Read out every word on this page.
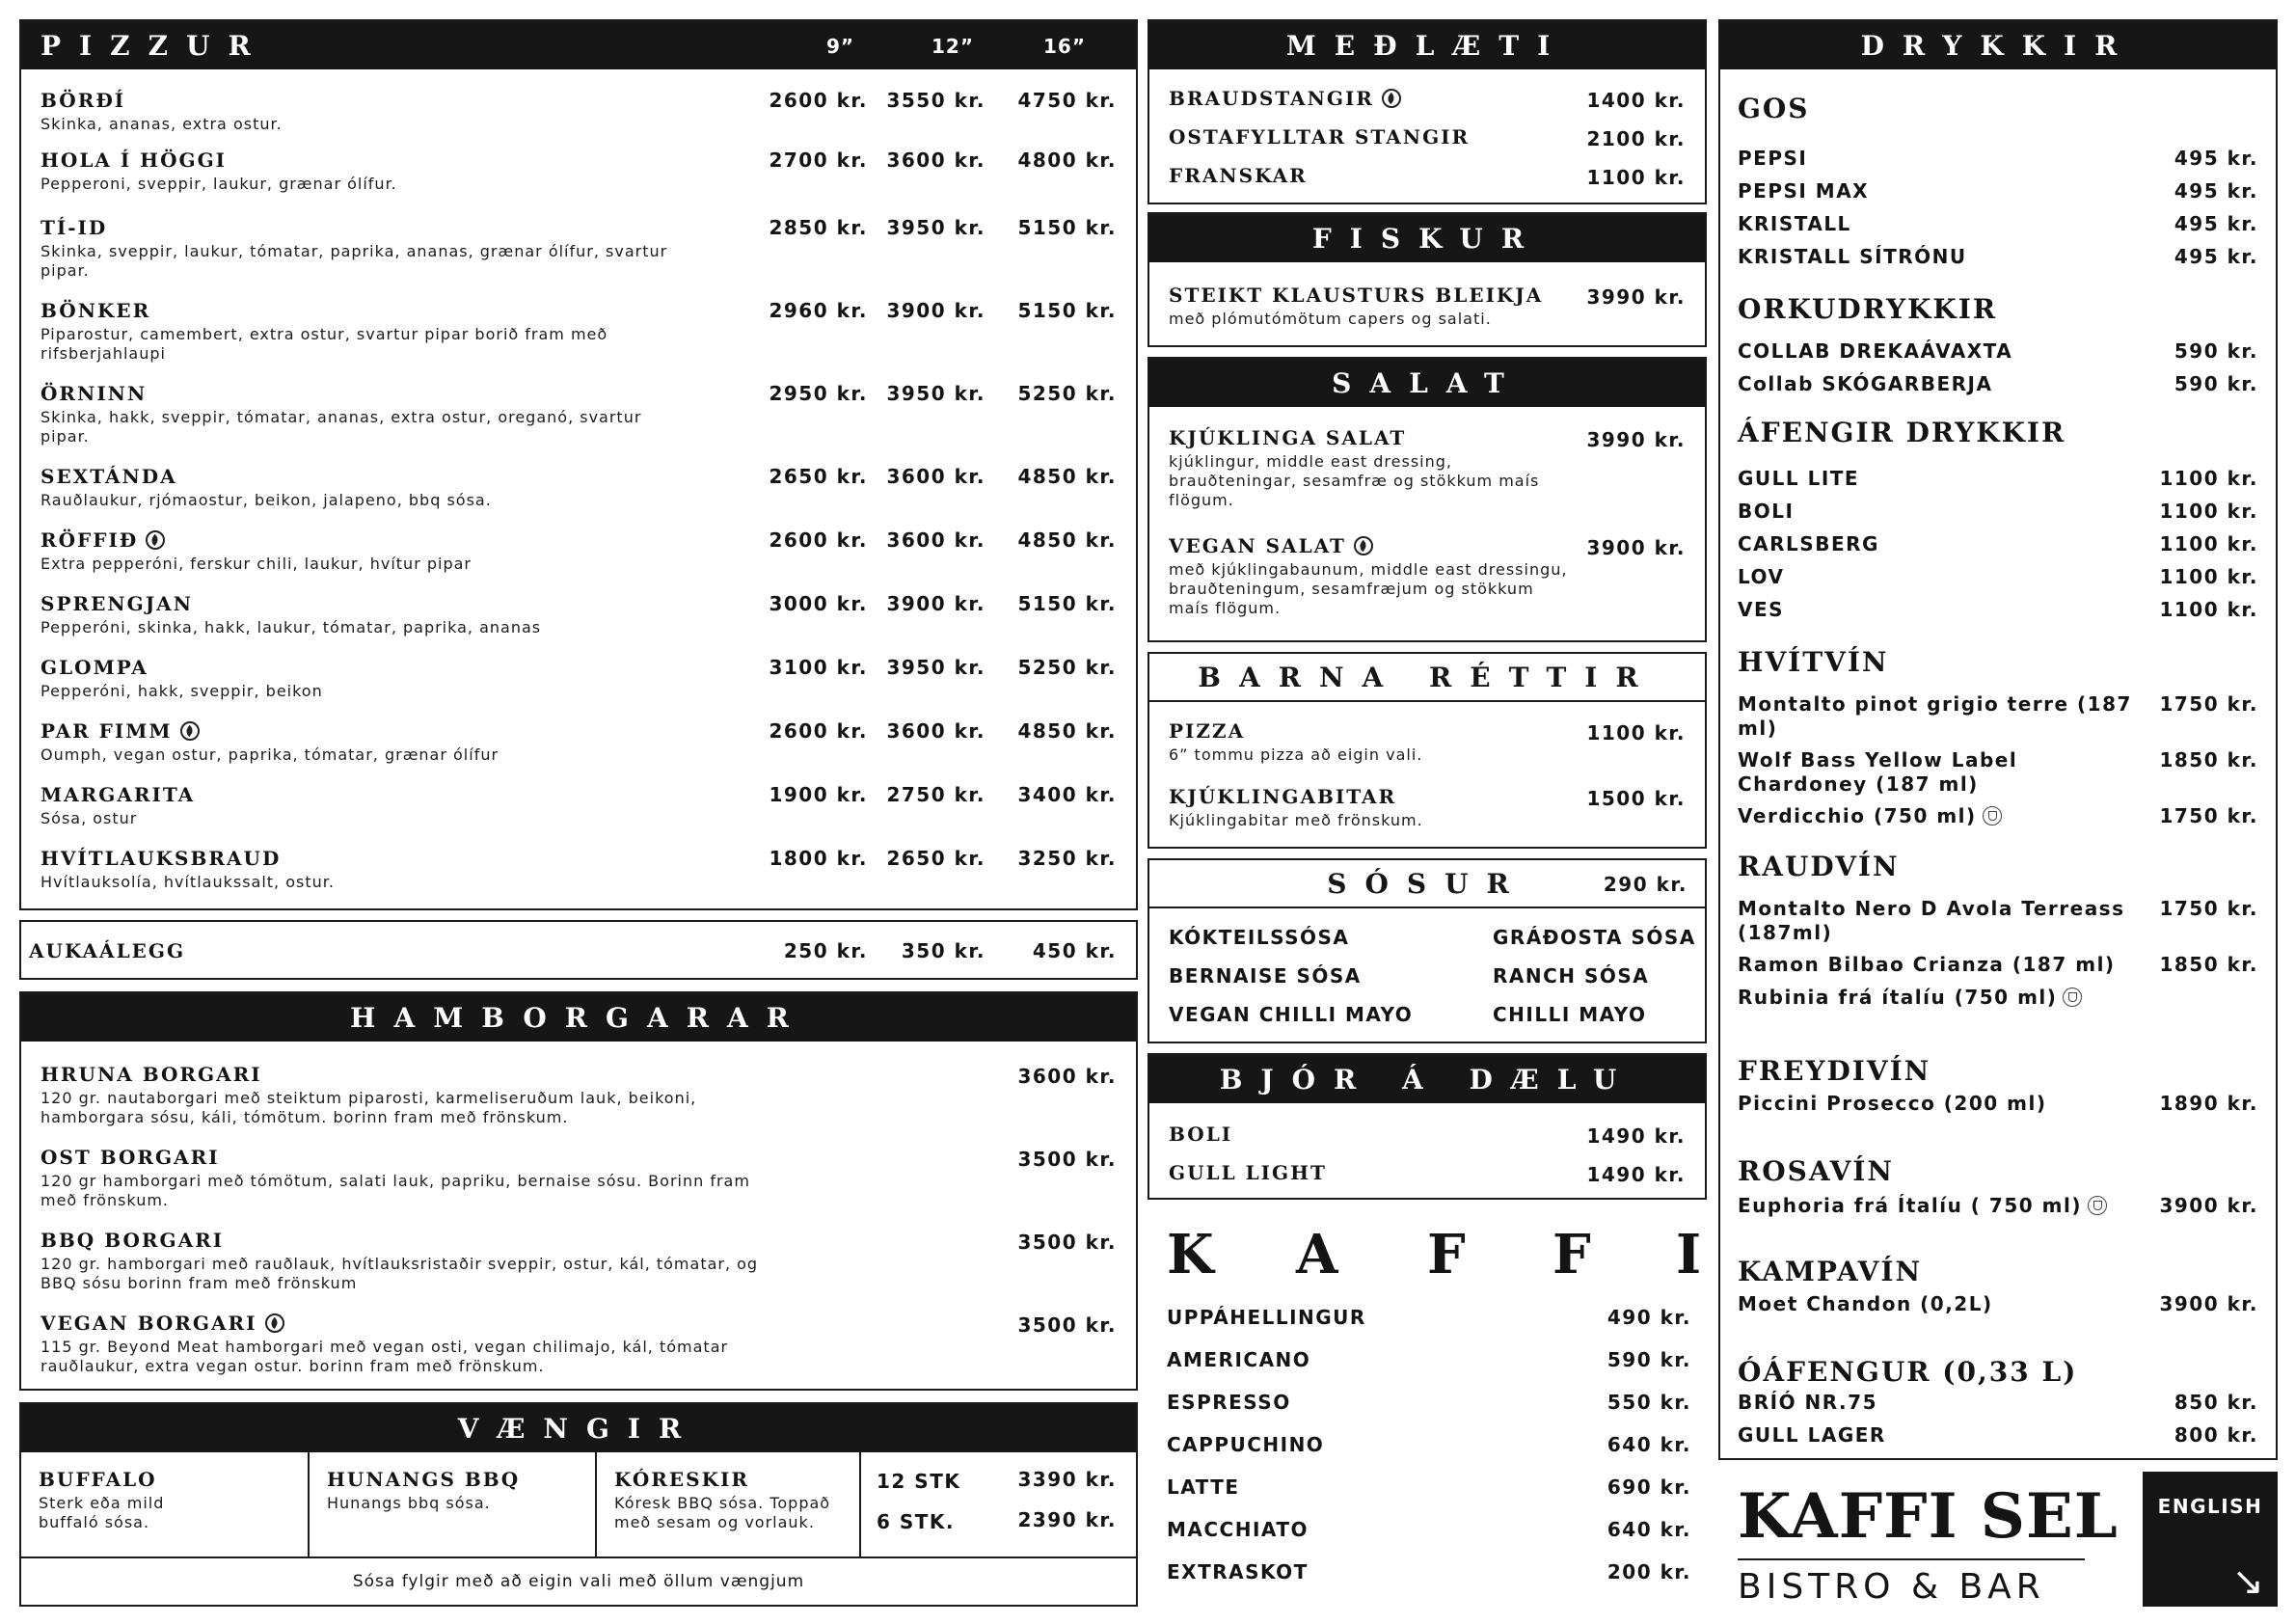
PIZZUR	9”	12”	16”
BÖRÐÍ
Skinka, ananas, extra ostur.
2600 kr. 3550 kr. 4750 kr.
HOLA Í HÖGGI
Pepperoni, sveppir, laukur, grænar ólífur.
2700 kr. 3600 kr. 4800 kr.
TÍ-ID
Skinka, sveppir, laukur, tómatar, paprika, ananas, grænar ólífur, svartur pipar.
2850 kr. 3950 kr. 5150 kr.
BÖNKER
Piparostur, camembert, extra ostur, svartur pipar borið fram með rifsberjahlaupi
2960 kr. 3900 kr. 5150 kr.
ÖRNINN
Skinka, hakk, sveppir, tómatar, ananas, extra ostur, oreganó, svartur pipar.
2950 kr. 3950 kr. 5250 kr.
SEXTÁNDA
Rauðlaukur, rjómaostur, beikon, jalapeno, bbq sósa.
2650 kr. 3600 kr. 4850 kr.
RÖFFIÐ
Extra pepperóni, ferskur chili, laukur, hvítur pipar
2600 kr. 3600 kr. 4850 kr.
SPRENGJAN
Pepperóni, skinka, hakk, laukur, tómatar, paprika, ananas
3000 kr. 3900 kr. 5150 kr.
GLOMPA
Pepperóni, hakk, sveppir, beikon
3100 kr. 3950 kr. 5250 kr.
PAR FIMM
Oumph, vegan ostur, paprika, tómatar, grænar ólífur
2600 kr. 3600 kr. 4850 kr.
MARGARITA
Sósa, ostur
1900 kr. 2750 kr. 3400 kr.
HVÍTLAUKSBRAUD
Hvítlauksolía, hvítlaukssalt, ostur.
1800 kr. 2650 kr. 3250 kr.
AUKAÁLEGG	250 kr. 350 kr. 450 kr.
HAMBORGARAR
HRUNA BORGARI
120 gr. nautaborgari með steiktum piparosti, karmeliseruðum lauk, beikoni, hamborgara sósu, káli, tómötum. borinn fram með frönskum.
3600 kr.
OST BORGARI
120 gr hamborgari með tómötum, salati lauk, papriku, bernaise sósu. Borinn fram með frönskum.
3500 kr.
BBQ BORGARI
120 gr. hamborgari með rauðlauk, hvítlauksristaðir sveppir, ostur, kál, tómatar, og BBQ sósu borinn fram með frönskum
3500 kr.
VEGAN BORGARI
115 gr. Beyond Meat hamborgari með vegan osti, vegan chilimajo, kál, tómatar rauðlaukur, extra vegan ostur. borinn fram með frönskum.
3500 kr.
VÆNGIR
BUFFALO
Sterk eða mild buffaló sósa.
HUNANGS BBQ
Hunangs bbq sósa.
KÓRESKIR
Kóresk BBQ sósa. Toppað með sesam og vorlauk.
12 STK	3390 kr.
6 STK.	2390 kr.
Sósa fylgir með að eigin vali með öllum vængjum
MEÐLÆTI
BRAUDSTANGIR	1400 kr.
OSTAFYLLTAR STANGIR	2100 kr.
FRANSKAR	1100 kr.
FISKUR
STEIKT KLAUSTURS BLEIKJA
með plómutómötum capers og salati.
3990 kr.
SALAT
KJÚKLINGA SALAT
kjúklingur, middle east dressing, brauðteningar, sesamfræ og stökkum maís flögum.
3990 kr.
VEGAN SALAT
með kjúklingabaunum, middle east dressingu, brauðteningum, sesamfræjum og stökkum maís flögum.
3900 kr.
BARNA RÉTTIR
PIZZA
6” tommu pizza að eigin vali.
1100 kr.
KJÚKLINGABITAR
Kjúklingabitar með frönskum.
1500 kr.
SÓSUR	290 kr.
KÓKTEILSSÓSA
BERNAISE SÓSA
VEGAN CHILLI MAYO
GRÁÐOSTA SÓSA
RANCH SÓSA
CHILLI MAYO
BJÓR Á DÆLU
BOLI	1490 kr.
GULL LIGHT	1490 kr.
K A F F I
UPPÁHELLINGUR	490 kr.
AMERICANO	590 kr.
ESPRESSO	550 kr.
CAPPUCHINO	640 kr.
LATTE	690 kr.
MACCHIATO	640 kr.
EXTRASKOT	200 kr.
DRYKKIR
GOS
PEPSI	495 kr.
PEPSI MAX	495 kr.
KRISTALL	495 kr.
KRISTALL SÍTRÓNU	495 kr.
ORKUDRYKKIR
COLLAB DREKAÁVAXTA	590 kr.
Collab SKÓGARBERJA	590 kr.
ÁFENGIR DRYKKIR
GULL LITE	1100 kr.
BOLI	1100 kr.
CARLSBERG	1100 kr.
LOV	1100 kr.
VES	1100 kr.
HVÍTVÍN
Montalto pinot grigio terre (187 ml)
1750 kr.
Wolf Bass Yellow Label Chardoney (187 ml)
1850 kr.
Verdicchio (750 ml)	1750 kr.
RAUDVÍN
Montalto Nero D Avola Terreass (187ml)
1750 kr.
Ramon Bilbao Crianza (187 ml)	1850 kr.
Rubinia frá ítalíu (750 ml)
FREYDIVÍN
Piccini Prosecco (200 ml)	1890 kr.
ROSAVÍN
Euphoria frá Ítalíu ( 750 ml)	3900 kr.
KAMPAVÍN
Moet Chandon (0,2L)	3900 kr.
ÓÁFENGUR (0,33 L)
BRÍÓ NR.75	850 kr.
GULL LAGER	800 kr.
KAFFI SEL
BISTRO & BAR
ENGLISH
↘
